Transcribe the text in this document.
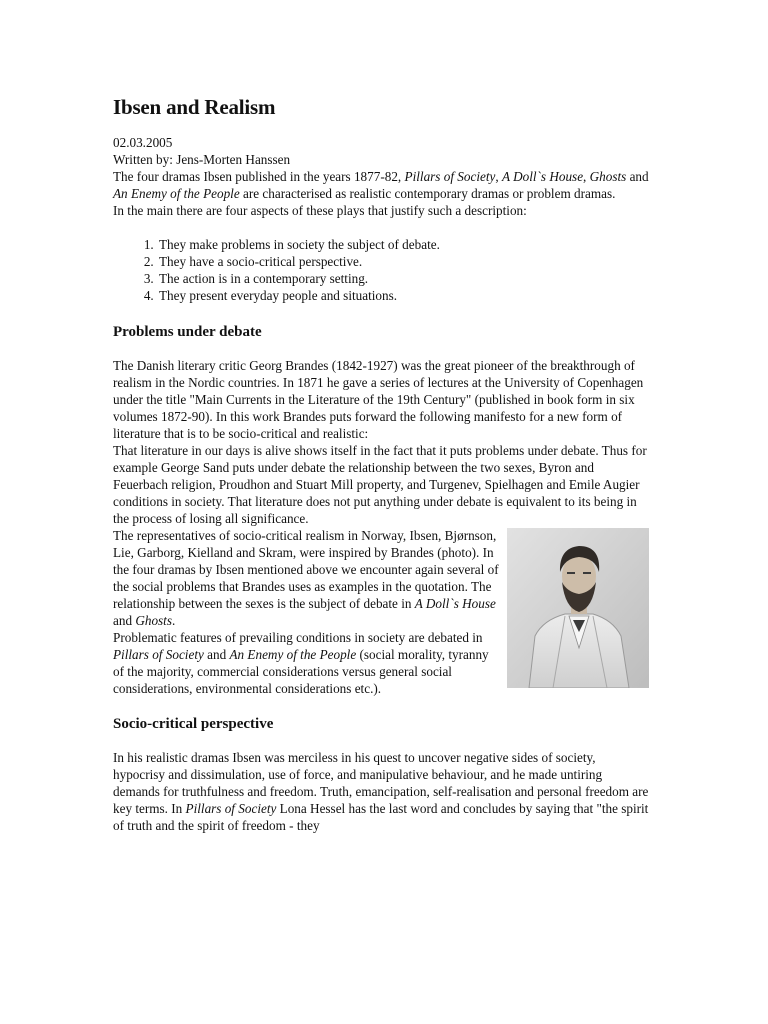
Ibsen and Realism

02.03.2005

Written by: Jens-Morten Hanssen

The four dramas Ibsen published in the years 1877-82, Pillars of Society, A Doll`s House, Ghosts and An Enemy of the People are characterised as realistic contemporary dramas or problem dramas.

In the main there are four aspects of these plays that justify such a description:

1. They make problems in society the subject of debate.
2. They have a socio-critical perspective.
3. The action is in a contemporary setting.
4. They present everyday people and situations.
Problems under debate

The Danish literary critic Georg Brandes (1842-1927) was the great pioneer of the breakthrough of realism in the Nordic countries. In 1871 he gave a series of lectures at the University of Copenhagen under the title "Main Currents in the Literature of the 19th Century" (published in book form in six volumes 1872-90). In this work Brandes puts forward the following manifesto for a new form of literature that is to be socio-critical and realistic:

That literature in our days is alive shows itself in the fact that it puts problems under debate. Thus for example George Sand puts under debate the relationship between the two sexes, Byron and Feuerbach religion, Proudhon and Stuart Mill property, and Turgenev, Spielhagen and Emile Augier conditions in society. That literature does not put anything under debate is equivalent to its being in the process of losing all significance.

The representatives of socio-critical realism in Norway, Ibsen, Bjørnson, Lie, Garborg, Kielland and Skram, were inspired by Brandes (photo). In the four dramas by Ibsen mentioned above we encounter again several of the social problems that Brandes uses as examples in the quotation. The relationship between the sexes is the subject of debate in A Doll`s House and Ghosts.

Problematic features of prevailing conditions in society are debated in Pillars of Society and An Enemy of the People (social morality, tyranny of the majority, commercial considerations versus general social considerations, environmental considerations etc.).

Socio-critical perspective

In his realistic dramas Ibsen was merciless in his quest to uncover negative sides of society, hypocrisy and dissimulation, use of force, and manipulative behaviour, and he made untiring demands for truthfulness and freedom. Truth, emancipation, self-realisation and personal freedom are key terms. In Pillars of Society Lona Hessel has the last word and concludes by saying that "the spirit of truth and the spirit of freedom - they
